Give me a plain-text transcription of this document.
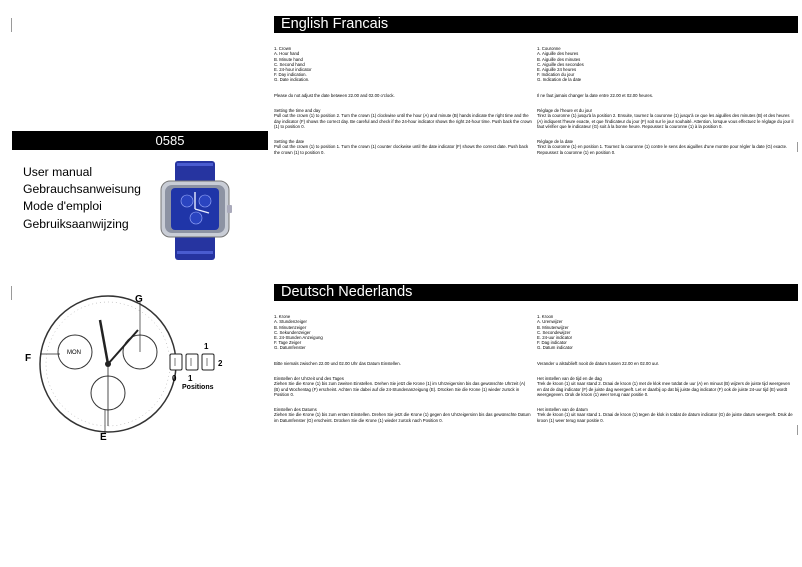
0585
User manual
Gebrauchsanweisung
Mode d'emploi
Gebruiksaanwijzing
English Francais

1. Crown
A. Hour hand
B. Minute hand
C. Second hand
E. 24-hour indicator
F. Day indication.
G. Date indication.

Please do not adjust the date between 22.00 and 02.00 o'clock.

Setting the time and day
Pull out the crown (1) to position 2. Turn the crown (1) clockwise until the hour (A) and minute (B) hands indicate the right time and the day indicator (F) shows the correct day. Be careful and check if the 24-hour indicator shows the right 24-hour time. Push back the crown (1) to position 0.

Setting the date
Pull out the crown (1) to position 1. Turn the crown (1) counter clockwise until the date indicator (F) shows the correct date. Push back the crown (1) to position 0.

1. Couronne
A. Aiguille des heures
B. Aiguille des minutes
C. Aiguille des secondes
E. Aiguille 24 heures
F. Indication du jour
G. Indication de la date

Il ne faut jamais changer la date entre 22.00 et 02.00 heures.

Réglage de l'heure et du jour
Tirez la couronne (1) jusqu'à la position 2. Ensuite, tournez la couronne (1) jusqu'à ce que les aiguilles des minutes (B) et des heures (A) indiquent l'heure exacte, et que l'indicateur du jour (F) soit sur le jour souhaité. Attention, lorsque vous effectuez le réglage du jour il faut vérifier que le indicateur (G) soit à la bonne heure. Repoussez la couronne (1) à la position 0.

Réglage de la date
Tirez la couronne (1) en position 1. Tournez la couronne (1) contre le sens des aiguilles d'une montre pour régler la date (G) exacte. Repoussez la couronne (1) en position 0.

Deutsch Nederlands

1. Krone
A. Stundenzeiger
B. Minutenzeiger
C. Sekundenzeiger
E. 24-Stunden Anzeigung
F. Tage Zeiger
G. Datumfenster

Bitte niemals zwischen 22.00 und 02.00 Uhr das Datum Einstellen.

Einstellen der Uhrzeit und des Tages
Ziehen Sie die Krone (1) bis zum zweiten Einstellen. Drehen Sie jetzt die Krone (1) im Uhrzeigersinn bis das gewünschte Uhrzeit (A) (B) und Wochentag (F) erscheint. Achten Sie dabei auf die 24-Stundenanzeigung (E). Drücken Sie die Krone (1) wieder zurück in Position 0.

Einstellen des Datums
Ziehen Sie die Krone (1) bis zum ersten Einstellen. Drehen Sie jetzt die Krone (1) gegen den Uhrzeigersinn bis das gewünschte Datum im Datumfenster (G) erscheint. Drücken Sie die Krone (1) wieder zurück nach Position 0.

1. Kroon
A. Urenwijzer
B. Minutenwijzer
C. Secondewijzer
E. 24-uur indicator
F. Dag indicator
G. Datum indicator

Verander u alstublieft nooit de datum tussen 22.00 en 02.00 uur.

Het instellen van de tijd en de dag
Trek de kroon (1) uit naar stand 2. Draai de kroon (1) met de klok mee totdat de uur (A) en minuut (B) wijzers de juiste tijd weergeven en dat de dag indicator (F) de juiste dag weergeeft. Let er daarbij op dat bij juiste dag indicator (F) ook de juiste 24-uur tijd (E) wordt weergegeven. Druk de kroon (1) weer terug naar positie 0.

Het instellen van de datum
Trek de kroon (1) uit naar stand 1. Draai de kroon (1) tegen de klok in totdat de datum indicator (G) de juiste datum weergeeft. Druk de kroon (1) weer terug naar positie 0.

MON
G
F
E
0 1
1
2
Positions
